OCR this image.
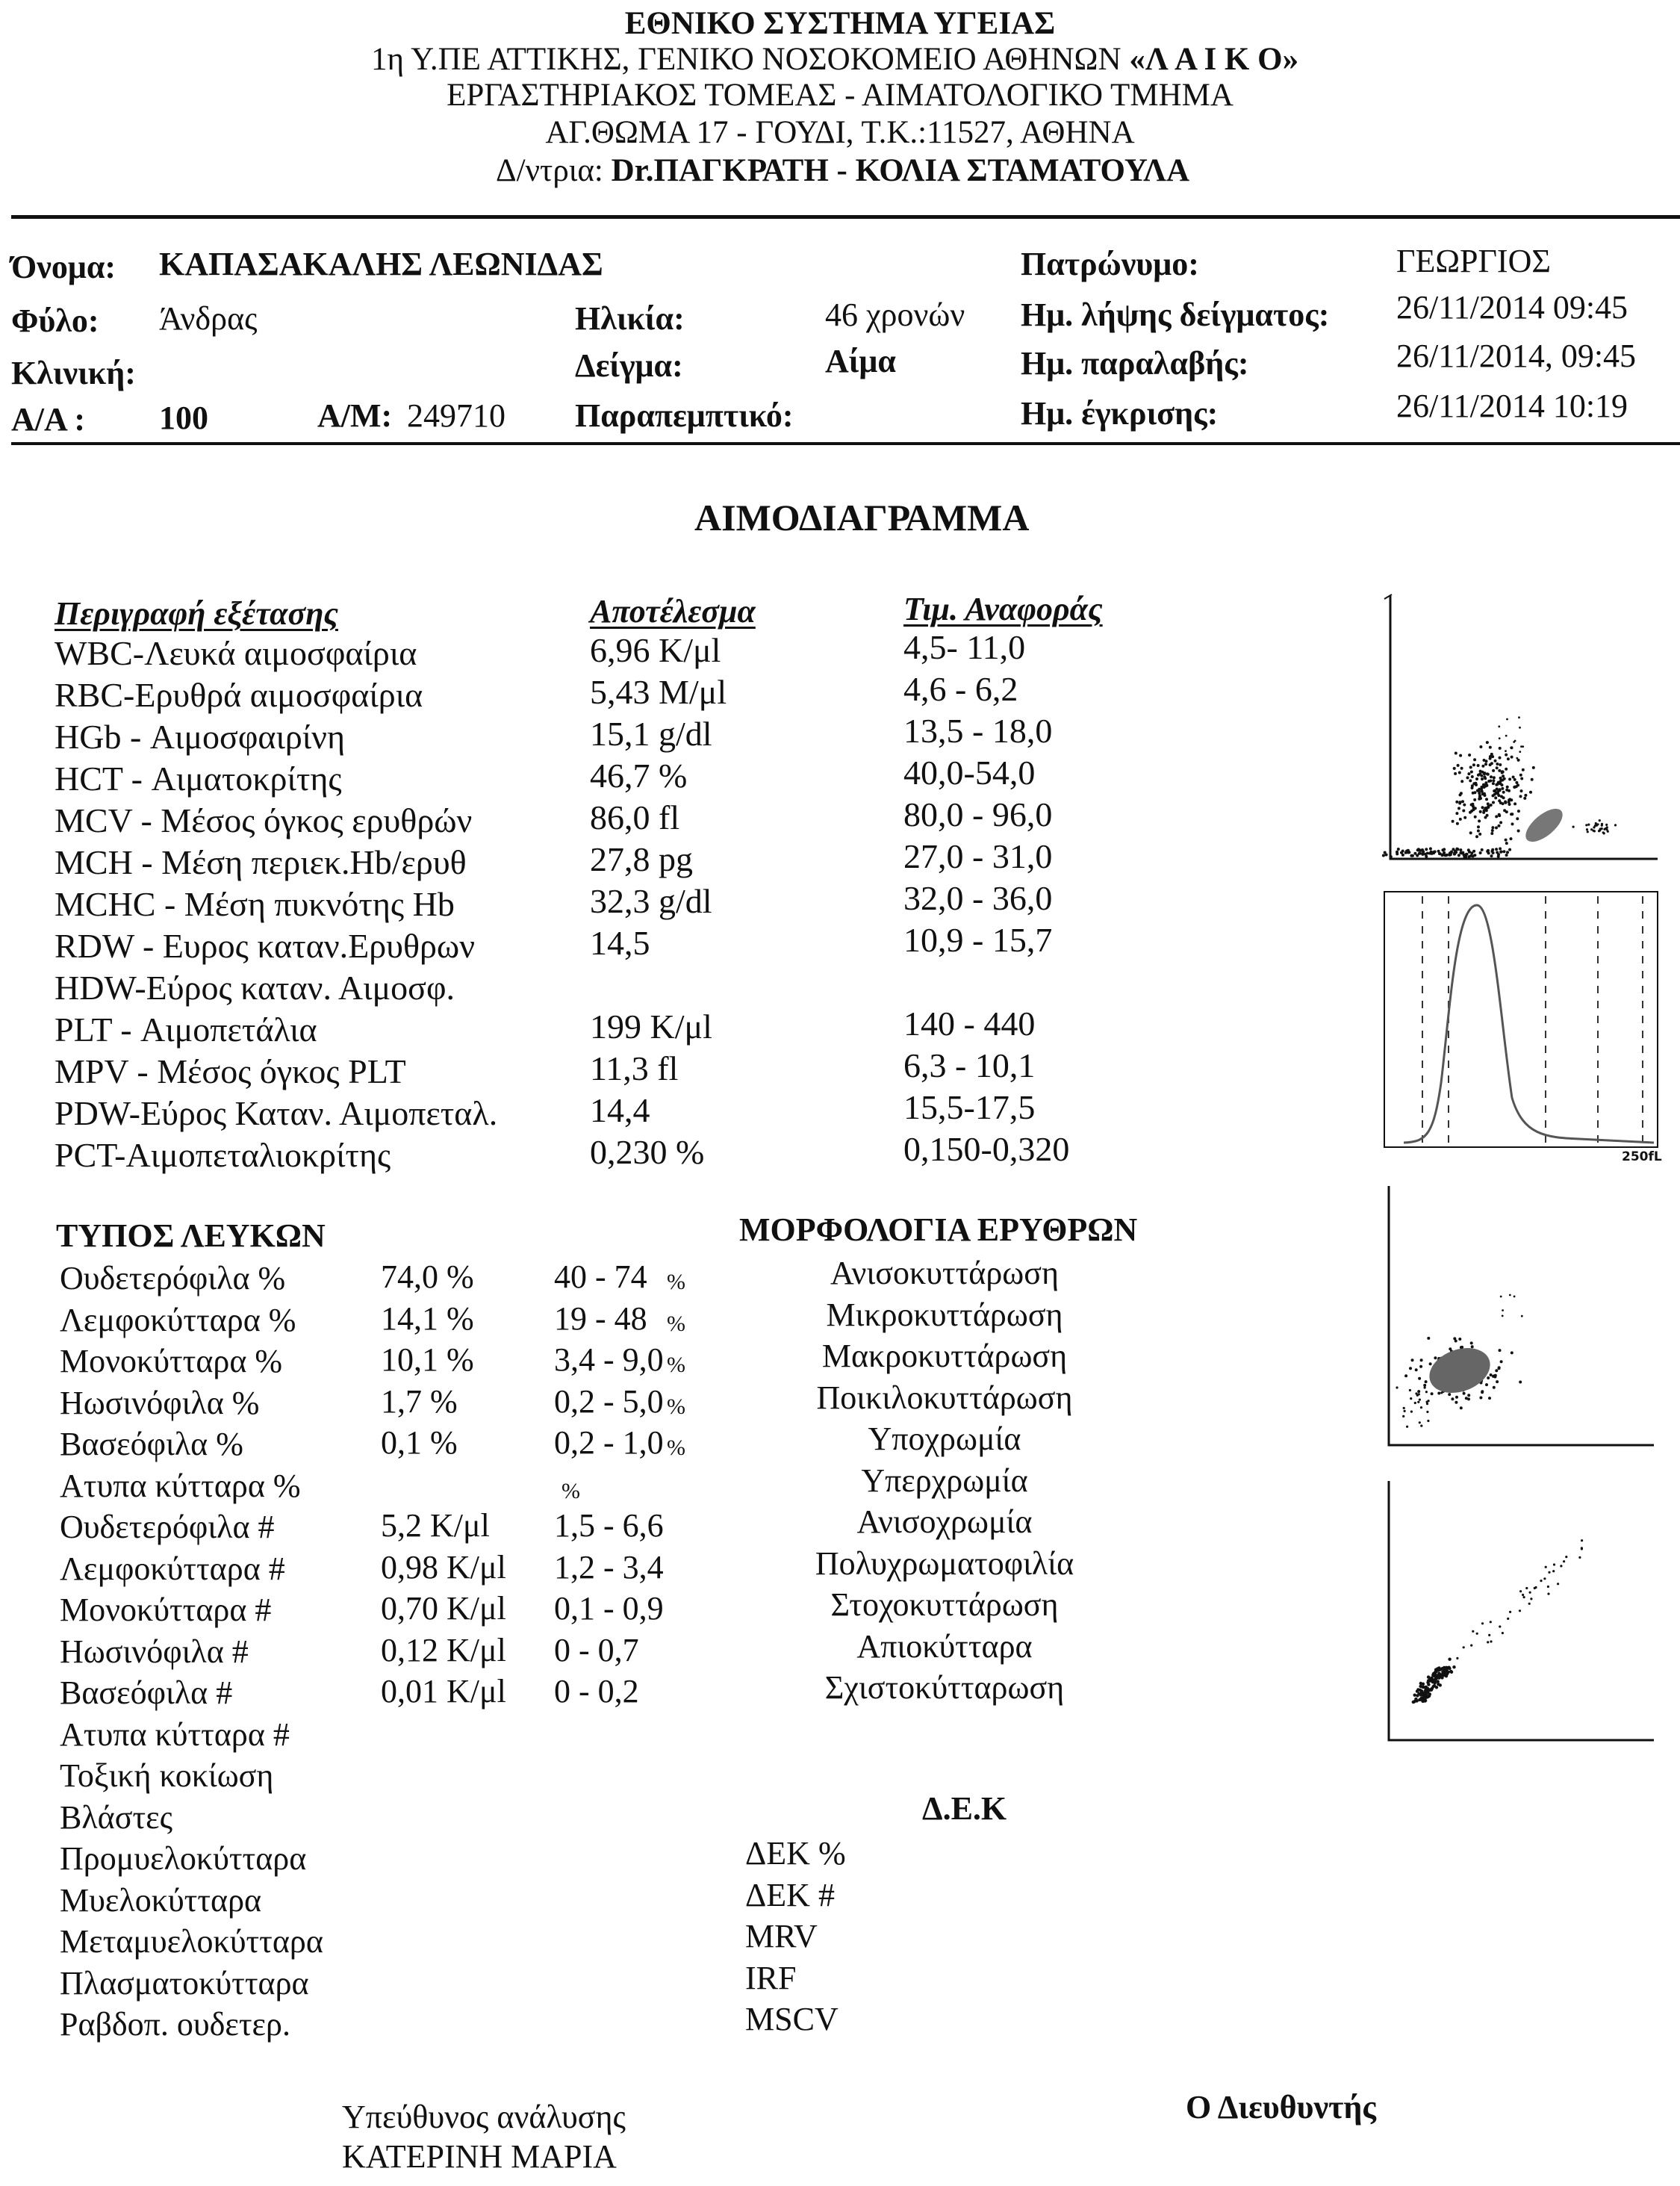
ΕΘΝΙΚΟ ΣΥΣΤΗΜΑ ΥΓΕΙΑΣ
1η Υ.ΠΕ ΑΤΤΙΚΗΣ, ΓΕΝΙΚΟ ΝΟΣΟΚΟΜΕΙΟ ΑΘΗΝΩΝ «Λ Α Ι Κ Ο»
ΕΡΓΑΣΤΗΡΙΑΚΟΣ ΤΟΜΕΑΣ - ΑΙΜΑΤΟΛΟΓΙΚΟ ΤΜΗΜΑ
ΑΓ.ΘΩΜΑ 17 - ΓΟΥΔΙ, Τ.Κ.:11527, ΑΘΗΝΑ
Δ/ντρια: Dr.ΠΑΓΚΡΑΤΗ - ΚΟΛΙΑ ΣΤΑΜΑΤΟΥΛΑ
Όνομα: ΚΑΠΑΣΑΚΑΛΗΣ ΛΕΩΝΙΔΑΣ	Πατρώνυμο:	ΓΕΩΡΓΙΟΣ
Φύλο: Άνδρας	Ηλικία:	46 χρονών Ημ. λήψης δείγματος: 26/11/2014 09:45
Κλινική:	Δείγμα:	Αίμα	Ημ. παραλαβής:	26/11/2014, 09:45
Α/Α : 100	Α/Μ: 249710 Παραπεμπτικό:	Ημ. έγκρισης:	26/11/2014 10:19
ΑΙΜΟΔΙΑΓΡΑΜΜΑ
Περιγραφή εξέτασης	Αποτέλεσμα	Τιμ. Αναφοράς
WBC-Λευκά αιμοσφαίρια	6,96 K/μl	4,5- 11,0
RBC-Ερυθρά αιμοσφαίρια	5,43 M/μl	4,6 - 6,2
HGb - Αιμοσφαιρίνη	15,1 g/dl	13,5 - 18,0
HCT - Αιματοκρίτης	46,7 %	40,0-54,0
MCV - Μέσος όγκος ερυθρών	86,0 fl	80,0 - 96,0
MCH - Μέση περιεκ.Hb/ερυθ	27,8 pg	27,0 - 31,0
MCHC - Μέση πυκνότης Hb	32,3 g/dl	32,0 - 36,0
RDW - Ευρος καταν.Ερυθρων	14,5	10,9 - 15,7
HDW-Εύρος καταν. Αιμοσφ.
PLT - Αιμοπετάλια	199 K/μl	140 - 440
MPV - Μέσος όγκος PLT	11,3 fl	6,3 - 10,1
PDW-Εύρος Καταν. Αιμοπεταλ.	14,4	15,5-17,5
PCT-Αιμοπεταλιοκρίτης	0,230 %	0,150-0,320
ΤΥΠΟΣ ΛΕΥΚΩΝ
Ουδετερόφιλα %	74,0 % 40 - 74 %
Λεμφοκύτταρα %	14,1 % 19 - 48 %
Μονοκύτταρα %	10,1 % 3,4 - 9,0 %
Ηωσινόφιλα %	1,7 %	0,2 - 5,0 %
Βασεόφιλα %	0,1 %	0,2 - 1,0 %
Ατυπα κύτταρα %	%
Ουδετερόφιλα #	5,2 K/μl 1,5 - 6,6
Λεμφοκύτταρα #	0,98 K/μl 1,2 - 3,4
Μονοκύτταρα #	0,70 K/μl 0,1 - 0,9
Ηωσινόφιλα #	0,12 K/μl 0 - 0,7
Βασεόφιλα #	0,01 K/μl 0 - 0,2
Ατυπα κύτταρα #
Τοξική κοκίωση
Βλάστες
Προμυελοκύτταρα
Μυελοκύτταρα
Μεταμυελοκύτταρα
Πλασματοκύτταρα
Ραβδοπ. ουδετερ.
ΜΟΡΦΟΛΟΓΙΑ ΕΡΥΘΡΩΝ
Ανισοκυττάρωση
Μικροκυττάρωση
Μακροκυττάρωση
Ποικιλοκυττάρωση
Υποχρωμία
Υπερχρωμία
Ανισοχρωμία
Πολυχρωματοφιλία
Στοχοκυττάρωση
Απιοκύτταρα
Σχιστοκύτταρωση
Δ.Ε.Κ
ΔΕΚ %
ΔΕΚ #
MRV
IRF
MSCV
250fL
Υπεύθυνος ανάλυσης
ΚΑΤΕΡΙΝΗ ΜΑΡΙΑ
Ο Διευθυντής
